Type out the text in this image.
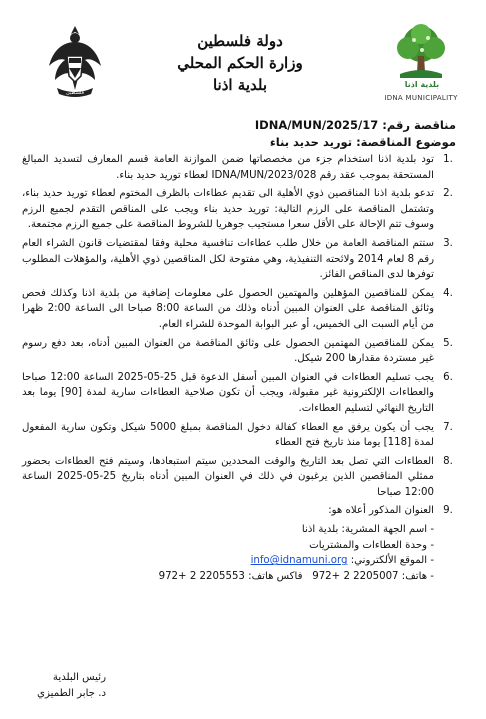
فلسطين
دولة فلسطين
وزارة الحكم المحلي
بلدية اذنا	بلدية اذنا
IDNA MUNICIPALITY
مناقصة رقم: IDNA/MUN/2025/17
موضوع المناقصة: توريد حديد بناء
.1
تود بلدية اذنا استخدام جزء من مخصصاتها ضمن الموازنة العامة قسم المعارف لتسديد المبالغ المستحقة بموجب عقد رقم IDNA/MUN/2023/028 لعطاء توريد حديد بناء.
.2
تدعو بلدية اذنا المناقصين ذوي الأهلية الى تقديم عطاءات بالظرف المختوم لعطاء توريد حديد بناء، وتشتمل المناقصة على الرزم التالية: توريد حديد بناء ويجب على المناقص التقدم لجميع الرزم وسوف تتم الإحالة على الأقل سعرا مستجيب جوهريا للشروط المناقصة على جميع الرزم مجتمعة.
.3
ستتم المناقصة العامة من خلال طلب عطاءات تنافسية محلية وفقا لمقتضيات قانون الشراء العام رقم 8 لعام 2014 ولائحته التنفيذية، وهي مفتوحة لكل المناقصين ذوي الأهلية، والمؤهلات المطلوب توفرها لدى المناقص الفائز.
.4
يمكن للمناقصين المؤهلين والمهتمين الحصول على معلومات إضافية من بلدية اذنا وكذلك فحص وثائق المناقصة على العنوان المبين أدناه وذلك من الساعة 8:00 صباحا الى الساعة 2:00 ظهرا من أيام السبت الى الخميس، أو عبر البوابة الموحدة للشراء العام.
.5
يمكن للمناقصين المهتمين الحصول على وثائق المناقصة من العنوان المبين أدناه، بعد دفع رسوم غير مستردة مقدارها 200 شيكل.
.6
يجب تسليم العطاءات في العنوان المبين أسفل الدعوة قبل 25-05-2025 الساعة 12:00 صباحا والعطاءات الإلكترونية غير مقبولة، ويجب أن تكون صلاحية العطاءات سارية لمدة [90] يوما بعد التاريخ النهائي لتسليم العطاءات.
.7
يجب أن يكون يرفق مع العطاء كفالة دخول المناقصة بمبلغ 5000 شيكل وتكون سارية المفعول لمدة [118] يوما منذ تاريخ فتح العطاء
.8
العطاءات التي تصل بعد التاريخ والوقت المحددين سيتم استبعادها، وسيتم فتح العطاءات بحضور ممثلي المناقصين الذين يرغبون في ذلك في العنوان المبين أدناه بتاريخ 25-05-2025 الساعة 12:00 صباحا
.9
العنوان المذكور أعلاه هو:
- اسم الجهة المشرية: بلدية اذنا
- وحدة العطاءات والمشتريات
- الموقع الألكتروني: info@idnamuni.org
- هاتف: 972+ 2 2205007   فاكس هاتف: 972+ 2 2205553
رئيس البلدية
د. جابر الطميزي
